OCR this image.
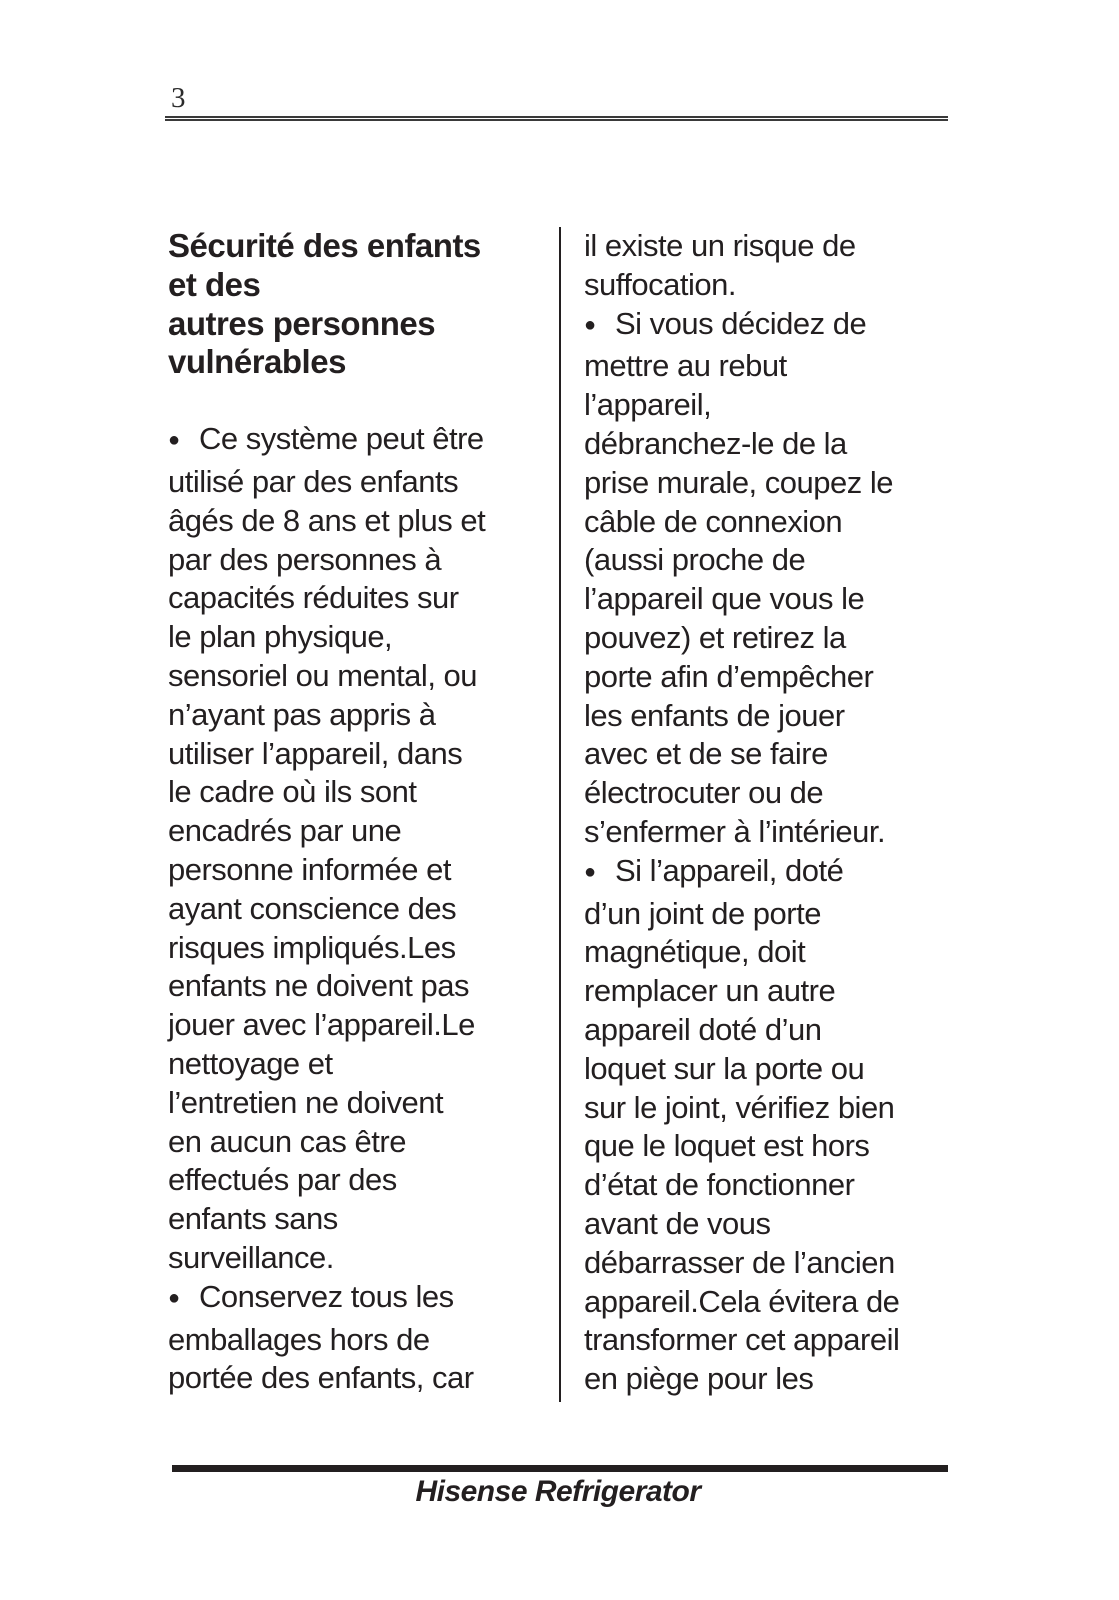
3
Sécurité des enfants
et des
autres personnes
vulnérables
● Ce système peut être
utilisé par des enfants
âgés de 8 ans et plus et
par des personnes à
capacités réduites sur
le plan physique,
sensoriel ou mental, ou
n’ayant pas appris à
utiliser l’appareil, dans
le cadre où ils sont
encadrés par une
personne informée et
ayant conscience des
risques impliqués.Les
enfants ne doivent pas
jouer avec l’appareil.Le
nettoyage et
l’entretien ne doivent
en aucun cas être
effectués par des
enfants sans
surveillance.
● Conservez tous les
emballages hors de
portée des enfants, car
il existe un risque de
suffocation.
● Si vous décidez de
mettre au rebut
l’appareil,
débranchez-le de la
prise murale, coupez le
câble de connexion
(aussi proche de
l’appareil que vous le
pouvez) et retirez la
porte afin d’empêcher
les enfants de jouer
avec et de se faire
électrocuter ou de
s’enfermer à l’intérieur.
● Si l’appareil, doté
d’un joint de porte
magnétique, doit
remplacer un autre
appareil doté d’un
loquet sur la porte ou
sur le joint, vérifiez bien
que le loquet est hors
d’état de fonctionner
avant de vous
débarrasser de l’ancien
appareil.Cela évitera de
transformer cet appareil
en piège pour les
Hisense Refrigerator
